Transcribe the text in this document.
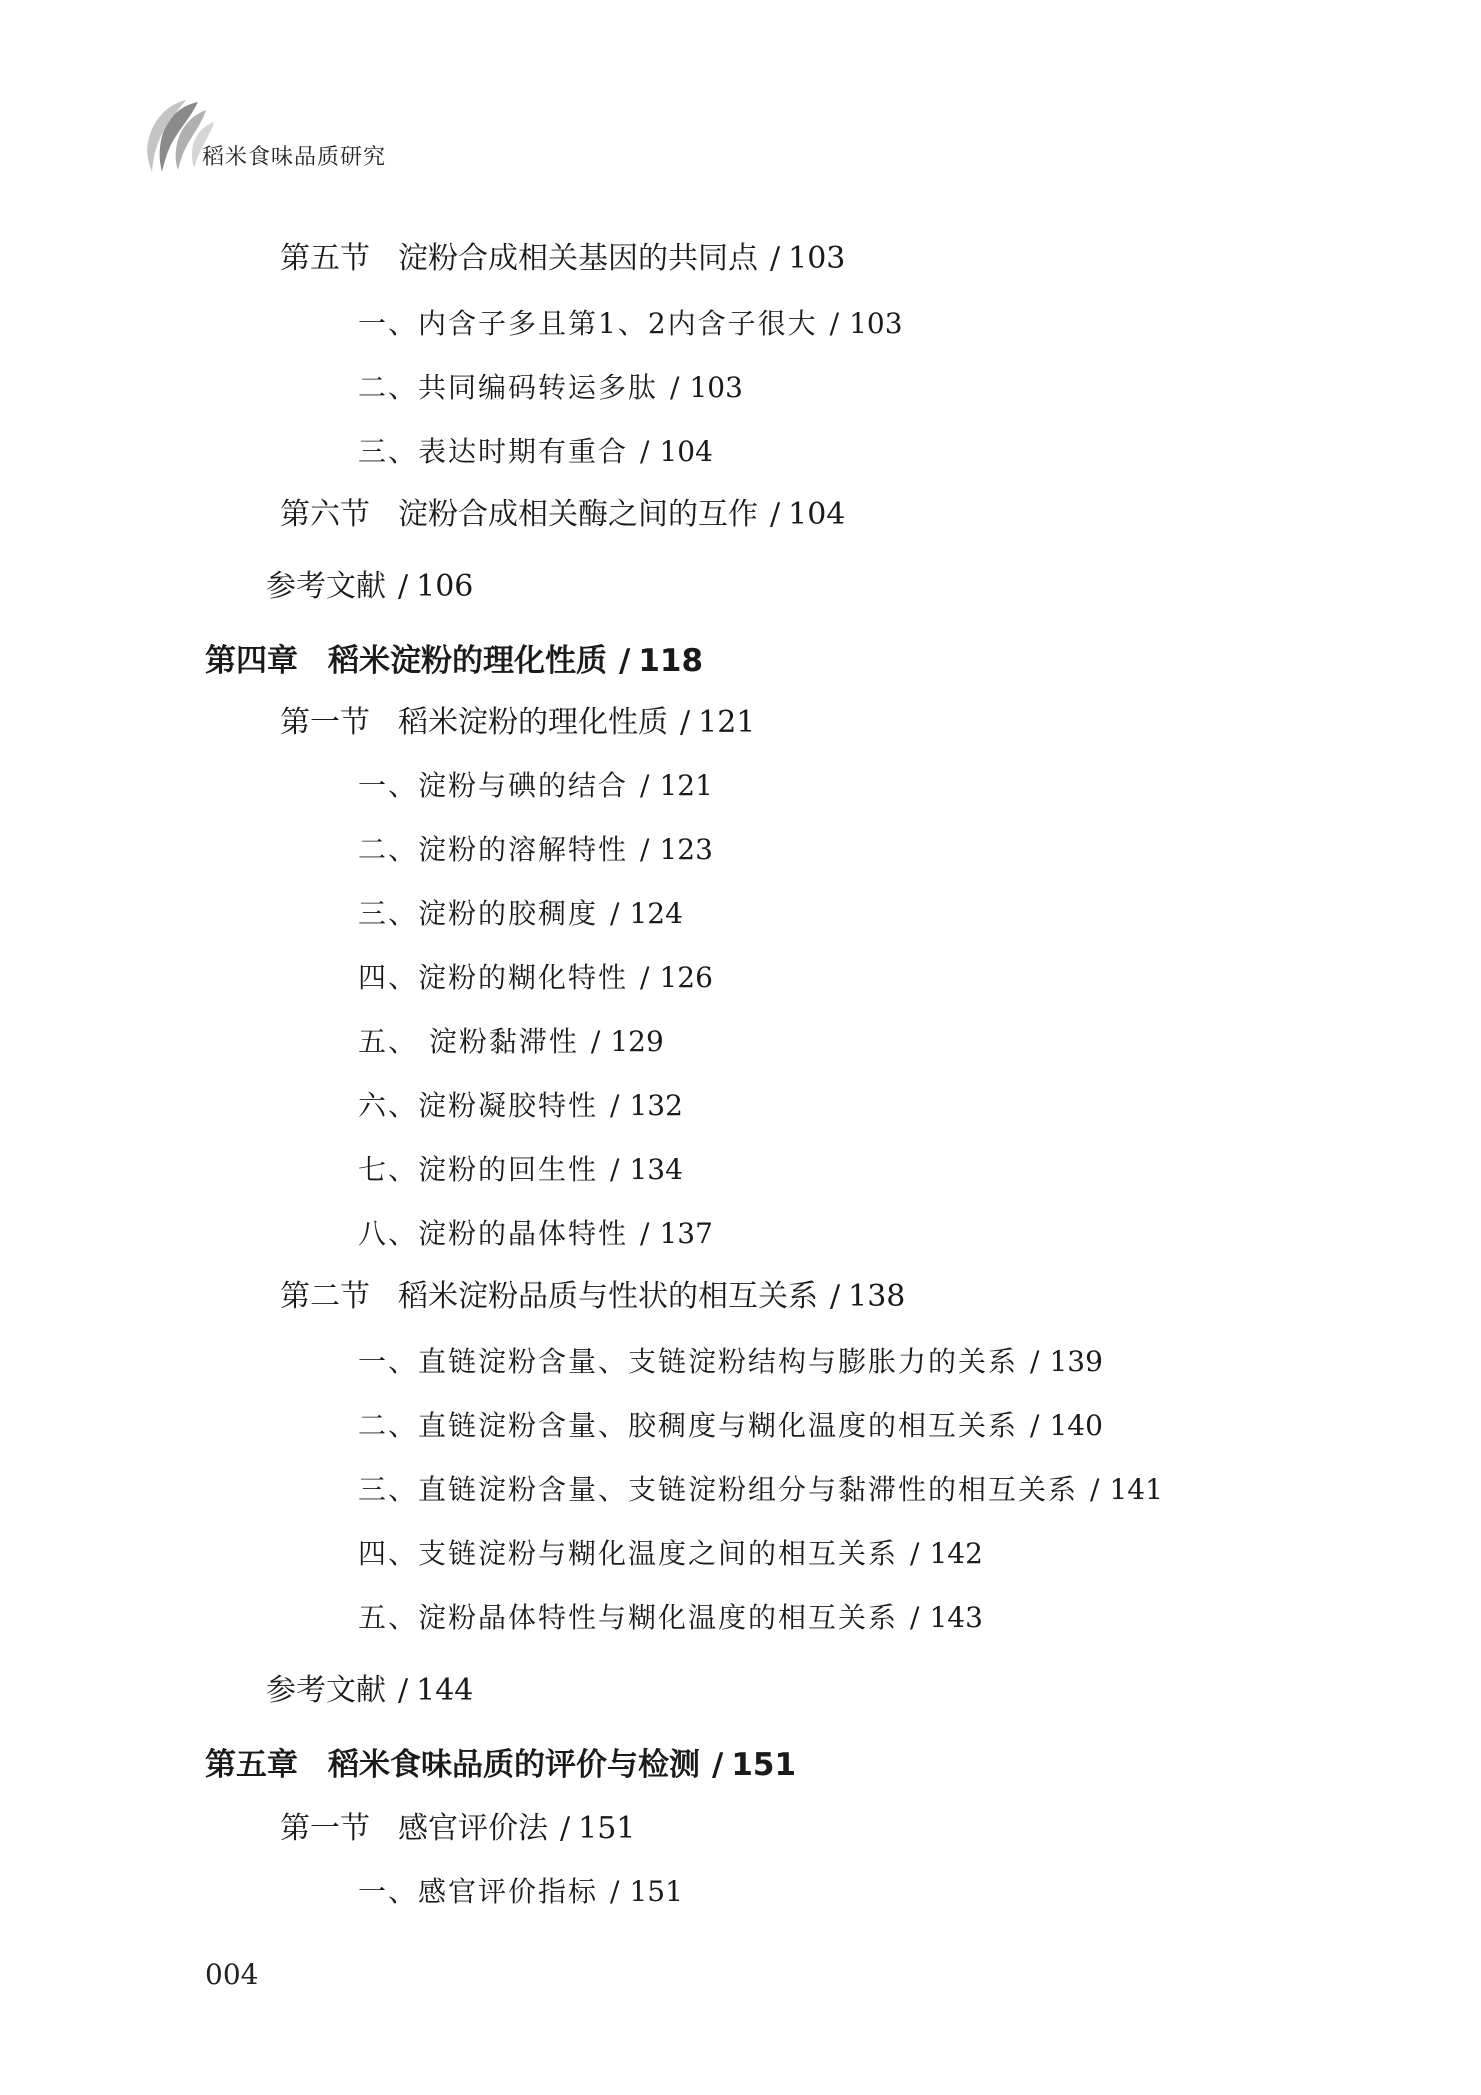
稻米食味品质研究
第五节 淀粉合成相关基因的共同点 / 103
一、内含子多且第1、2内含子很大 / 103
二、共同编码转运多肽 / 103
三、表达时期有重合 / 104
第六节 淀粉合成相关酶之间的互作 / 104
参考文献 / 106
第四章 稻米淀粉的理化性质 / 118
第一节 稻米淀粉的理化性质 / 121
一、淀粉与碘的结合 / 121
二、淀粉的溶解特性 / 123
三、淀粉的胶稠度 / 124
四、淀粉的糊化特性 / 126
五、 淀粉黏滞性 / 129
六、淀粉凝胶特性 / 132
七、淀粉的回生性 / 134
八、淀粉的晶体特性 / 137
第二节 稻米淀粉品质与性状的相互关系 / 138
一、直链淀粉含量、支链淀粉结构与膨胀力的关系 / 139
二、直链淀粉含量、胶稠度与糊化温度的相互关系 / 140
三、直链淀粉含量、支链淀粉组分与黏滞性的相互关系 / 141
四、支链淀粉与糊化温度之间的相互关系 / 142
五、淀粉晶体特性与糊化温度的相互关系 / 143
参考文献 / 144
第五章 稻米食味品质的评价与检测 / 151
第一节 感官评价法 / 151
一、感官评价指标 / 151
004
